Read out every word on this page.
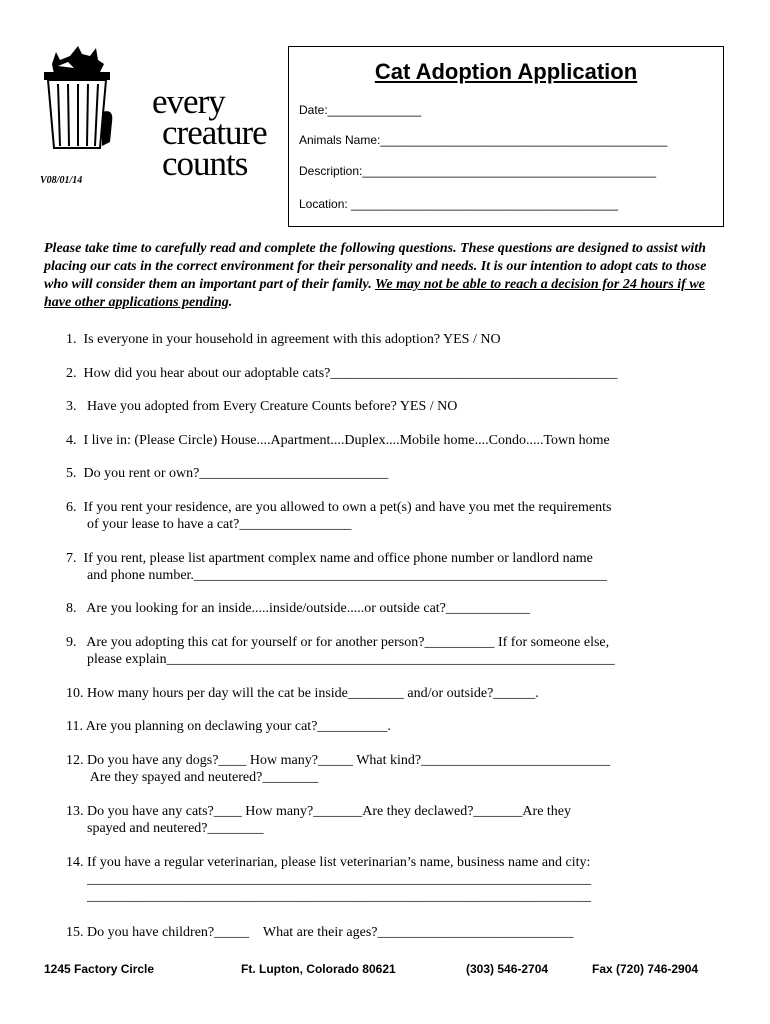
every
creature
counts
V08/01/14
Cat Adoption Application
Date:______________
Animals Name:___________________________________________
Description:____________________________________________
Location: ________________________________________
Please take time to carefully read and complete the following questions. These questions are designed to assist with placing our cats in the correct environment for their personality and needs. It is our intention to adopt cats to those who will consider them an important part of their family. We may not be able to reach a decision for 24 hours if we have other applications pending.
1.  Is everyone in your household in agreement with this adoption? YES / NO
2.  How did you hear about our adoptable cats?_________________________________________
3.   Have you adopted from Every Creature Counts before? YES / NO
4.  I live in: (Please Circle) House....Apartment....Duplex....Mobile home....Condo.....Town home
5.  Do you rent or own?___________________________
6.  If you rent your residence, are you allowed to own a pet(s) and have you met the requirements
of your lease to have a cat?________________
7.  If you rent, please list apartment complex name and office phone number or landlord name
and phone number.___________________________________________________________
8.   Are you looking for an inside.....inside/outside.....or outside cat?____________
9.   Are you adopting this cat for yourself or for another person?__________ If for someone else,
please explain________________________________________________________________
10. How many hours per day will the cat be inside________ and/or outside?______.
11. Are you planning on declawing your cat?__________.
12. Do you have any dogs?____ How many?_____ What kind?___________________________
Are they spayed and neutered?________
13. Do you have any cats?____ How many?_______Are they declawed?_______Are they
spayed and neutered?________
14. If you have a regular veterinarian, please list veterinarian’s name, business name and city:
________________________________________________________________________
________________________________________________________________________
15. Do you have children?_____    What are their ages?____________________________
1245 Factory Circle	Ft. Lupton, Colorado 80621	(303) 546-2704	Fax (720) 746-2904
